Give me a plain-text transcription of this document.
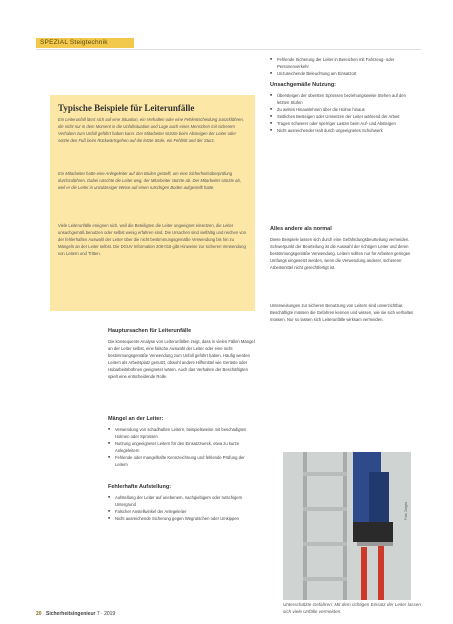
SPEZIAL Steigtechnik
Typische Beispiele für Leiterunfälle
Ein Leiterunfall lässt sich auf eine Situation, ein Verhalten oder eine Fehlentscheidung zurückführen, die nicht nur in dem Moment in die Unfallsituation und Lage auch eines Menschen mit sicherem Verhalten zum Unfall geführt haben kann. Der Mitarbeiter stürzte beim Absteigen der Leiter oder setzte den Fuß beim Rückwärtsgehen auf die letzte Stufe, ein Fehltritt und der Sturz.
Ein Mitarbeiter hatte eine Anlegeleiter auf den Boden gestellt, um eine Sicherheitsüberprüfung durchzuführen. Dabei rutschte die Leiter weg, der Mitarbeiter stürzte ab. Der Mitarbeiter stürzte ab, weil er die Leiter in unzulässiger Weise auf einen rutschigen Boden aufgestellt hatte.
Viele Leiterunfälle ereignen sich, weil die Beteiligten die Leiter ungeeignet einsetzen, die Leiter unsachgemäß benutzen oder selbst wenig erfahren sind. Die Ursachen sind vielfältig und reichen von der fehlerhaften Auswahl der Leiter über die nicht bestimmungsgemäße Verwendung bis hin zu Mängeln an der Leiter selbst. Die DGUV Information 208-016 gibt Hinweise zur sicheren Verwendung von Leitern und Tritten.
Hauptursachen für Leiterunfälle
Die konsequente Analyse von Leiterunfällen zeigt, dass in vielen Fällen Mängel an der Leiter selbst, eine falsche Auswahl der Leiter oder eine nicht bestimmungsgemäße Verwendung zum Unfall geführt haben. Häufig werden Leitern als Arbeitsplatz genutzt, obwohl andere Hilfsmittel wie Gerüste oder Hubarbeitsbühnen geeigneter wären. Auch das Verhalten der Beschäftigten spielt eine entscheidende Rolle.
Mängel an der Leiter:
■ Verwendung von schadhaften Leitern, beispielsweise mit beschädigten Holmen oder Sprossen
■ Nutzung ungeeigneter Leitern für den Einsatzzweck, etwa zu kurze Anlegeleitern
■ Fehlende oder mangelhafte Kennzeichnung und fehlende Prüfung der Leitern
Fehlerhafte Aufstellung:
■ Aufstellung der Leiter auf unebenem, nachgiebigem oder rutschigem Untergrund
■ Falscher Anstellwinkel der Anlegeleiter
■ Nicht ausreichende Sicherung gegen Wegrutschen oder Umkippen
■ Fehlende Sicherung der Leiter in Bereichen mit Fahrzeug- oder Personenverkehr
■ Unzureichende Beleuchtung am Einsatzort
Unsachgemäße Nutzung:
■ Übersteigen der obersten Sprossen beziehungsweise Stehen auf den letzten Stufen
■ Zu weites Hinauslehnen über die Holme hinaus
■ Seitliches Besteigen oder Umsetzen der Leiter während der Arbeit
■ Tragen schwerer oder sperriger Lasten beim Auf- und Absteigen
■ Nicht ausreichender Halt durch ungeeignetes Schuhwerk
Alles andere als normal
Diese Beispiele lassen sich durch eine Gefährdungsbeurteilung vermeiden. Schwerpunkt der Beurteilung ist die Auswahl der richtigen Leiter und deren bestimmungsgemäße Verwendung. Leitern sollten nur für Arbeiten geringen Umfangs eingesetzt werden, wenn die Verwendung anderer, sichererer Arbeitsmittel nicht gerechtfertigt ist.
Unterweisungen zur sicheren Benutzung von Leitern sind unverzichtbar. Beschäftigte müssen die Gefahren kennen und wissen, wie sie sich verhalten müssen. Nur so lassen sich Leiterunfälle wirksam vermeiden.
Foto: Zarges
Unterschätzte Gefahren: Mit dem richtigen Einsatz der Leiter lassen sich viele Unfälle vermeiden.
20 Sicherheitsingenieur 7 · 2019
